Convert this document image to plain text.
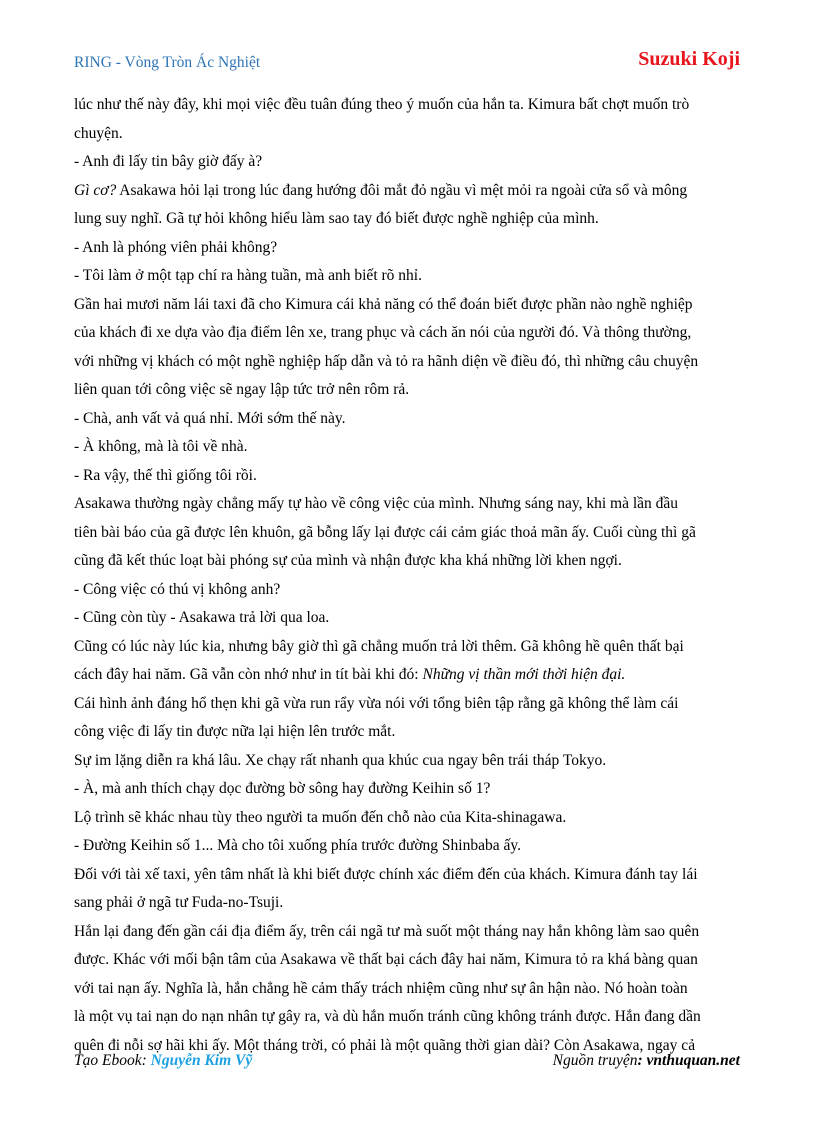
RING - Vòng Tròn Ác Nghiệt	Suzuki Koji
lúc như thế này đây, khi mọi việc đều tuân đúng theo ý muốn của hắn ta. Kimura bất chợt muốn trò
chuyện.
- Anh đi lấy tin bây giờ đấy à?
Gì cơ? Asakawa hỏi lại trong lúc đang hướng đôi mắt đỏ ngầu vì mệt mỏi ra ngoài cửa sổ và mông
lung suy nghĩ. Gã tự hỏi không hiểu làm sao tay đó biết được nghề nghiệp của mình.
- Anh là phóng viên phải không?
- Tôi làm ở một tạp chí ra hàng tuần, mà anh biết rõ nhỉ.
Gần hai mươi năm lái taxi đã cho Kimura cái khả năng có thể đoán biết được phần nào nghề nghiệp
của khách đi xe dựa vào địa điểm lên xe, trang phục và cách ăn nói của người đó. Và thông thường,
với những vị khách có một nghề nghiệp hấp dẫn và tỏ ra hãnh diện về điều đó, thì những câu chuyện
liên quan tới công việc sẽ ngay lập tức trở nên rôm rả.
- Chà, anh vất vả quá nhỉ. Mới sớm thế này.
- À không, mà là tôi về nhà.
- Ra vậy, thế thì giống tôi rồi.
Asakawa thường ngày chẳng mấy tự hào về công việc của mình. Nhưng sáng nay, khi mà lần đầu
tiên bài báo của gã được lên khuôn, gã bỗng lấy lại được cái cảm giác thoả mãn ấy. Cuối cùng thì gã
cũng đã kết thúc loạt bài phóng sự của mình và nhận được kha khá những lời khen ngợi.
- Công việc có thú vị không anh?
- Cũng còn tùy - Asakawa trả lời qua loa.
Cũng có lúc này lúc kia, nhưng bây giờ thì gã chẳng muốn trả lời thêm. Gã không hề quên thất bại
cách đây hai năm. Gã vẫn còn nhớ như in tít bài khi đó: Những vị thần mới thời hiện đại.
Cái hình ảnh đáng hổ thẹn khi gã vừa run rẩy vừa nói với tổng biên tập rằng gã không thể làm cái
công việc đi lấy tin được nữa lại hiện lên trước mắt.
Sự im lặng diễn ra khá lâu. Xe chạy rất nhanh qua khúc cua ngay bên trái tháp Tokyo.
- À, mà anh thích chạy dọc đường bờ sông hay đường Keihin số 1?
Lộ trình sẽ khác nhau tùy theo người ta muốn đến chỗ nào của Kita-shinagawa.
- Đường Keihin số 1... Mà cho tôi xuống phía trước đường Shinbaba ấy.
Đối với tài xế taxi, yên tâm nhất là khi biết được chính xác điểm đến của khách. Kimura đánh tay lái
sang phải ở ngã tư Fuda-no-Tsuji.
Hắn lại đang đến gần cái địa điểm ấy, trên cái ngã tư mà suốt một tháng nay hắn không làm sao quên
được. Khác với mối bận tâm của Asakawa về thất bại cách đây hai năm, Kimura tỏ ra khá bàng quan
với tai nạn ấy. Nghĩa là, hắn chẳng hề cảm thấy trách nhiệm cũng như sự ân hận nào. Nó hoàn toàn
là một vụ tai nạn do nạn nhân tự gây ra, và dù hắn muốn tránh cũng không tránh được. Hắn đang dần
quên đi nỗi sợ hãi khi ấy. Một tháng trời, có phải là một quãng thời gian dài? Còn Asakawa, ngay cả
Tạo Ebook: Nguyễn Kim Vỹ	Nguồn truyện: vnthuquan.net
